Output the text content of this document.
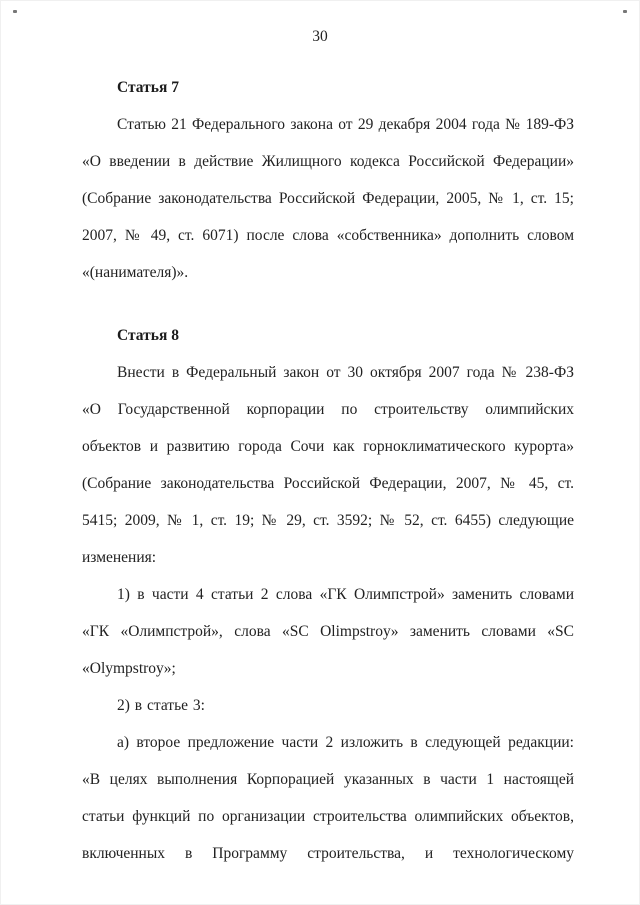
30

Статья 7

Статью 21 Федерального закона от 29 декабря 2004 года № 189-ФЗ «О введении в действие Жилищного кодекса Российской Федерации» (Собрание законодательства Российской Федерации, 2005, № 1, ст. 15; 2007, № 49, ст. 6071) после слова «собственника» дополнить словом «(нанимателя)».

Статья 8

Внести в Федеральный закон от 30 октября 2007 года № 238-ФЗ «О Государственной корпорации по строительству олимпийских объектов и развитию города Сочи как горноклиматического курорта» (Собрание законодательства Российской Федерации, 2007, № 45, ст. 5415; 2009, № 1, ст. 19; № 29, ст. 3592; № 52, ст. 6455) следующие изменения:

1) в части 4 статьи 2 слова «ГК Олимпстрой» заменить словами «ГК «Олимпстрой», слова «SC Olimpstroy» заменить словами «SC «Olympstroy»;

2) в статье 3:

а) второе предложение части 2 изложить в следующей редакции: «В целях выполнения Корпорацией указанных в части 1 настоящей статьи функций по организации строительства олимпийских объектов, включенных в Программу строительства, и технологическому
